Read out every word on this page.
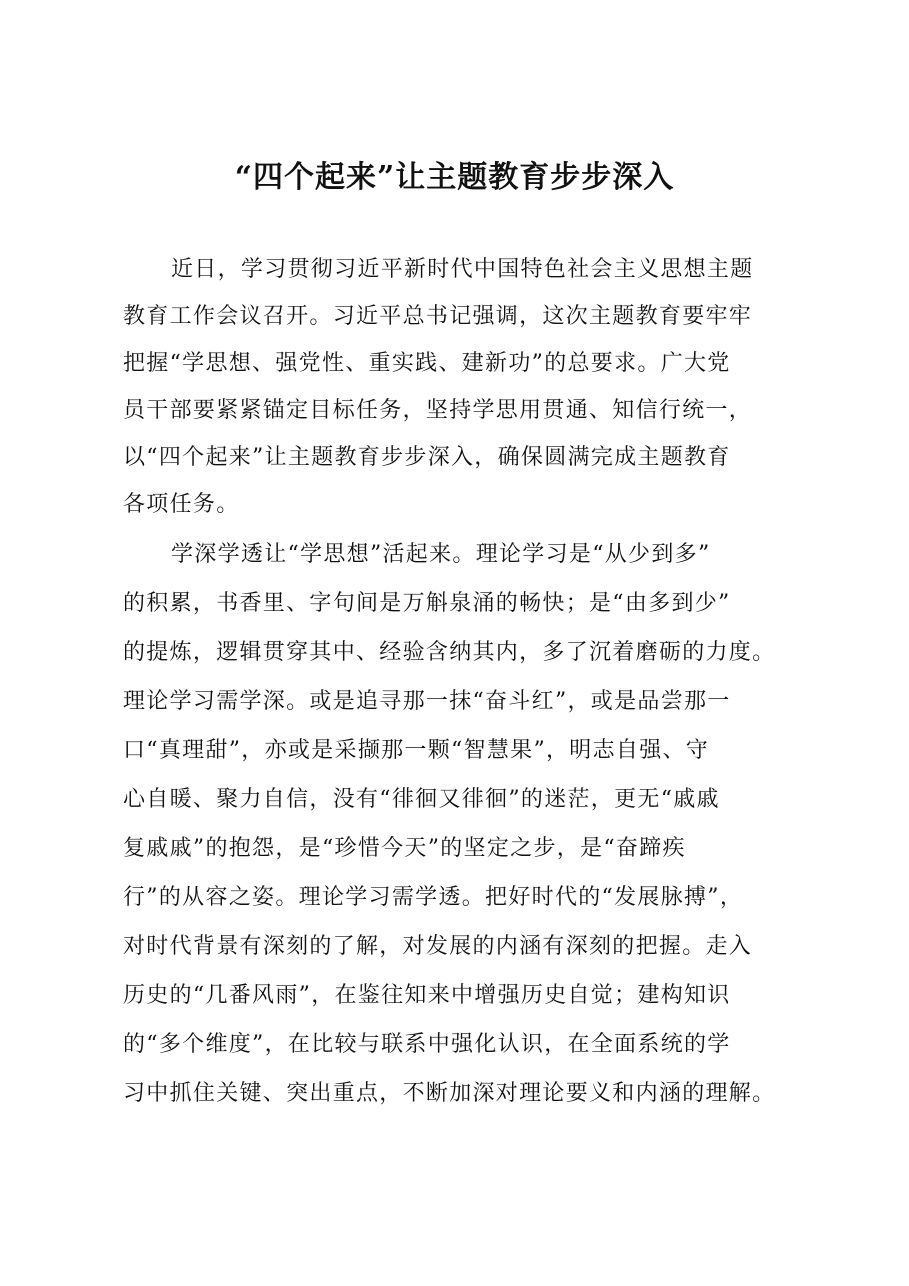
“四个起来”让主题教育步步深入
近日，学习贯彻习近平新时代中国特色社会主义思想主题
教育工作会议召开。习近平总书记强调，这次主题教育要牢牢
把握“学思想、强党性、重实践、建新功”的总要求。广大党
员干部要紧紧锚定目标任务，坚持学思用贯通、知信行统一，
以“四个起来”让主题教育步步深入，确保圆满完成主题教育
各项任务。
学深学透让“学思想”活起来。理论学习是“从少到多”
的积累，书香里、字句间是万斛泉涌的畅快；是“由多到少”
的提炼，逻辑贯穿其中、经验含纳其内，多了沉着磨砺的力度。
理论学习需学深。或是追寻那一抹“奋斗红”，或是品尝那一
口“真理甜”，亦或是采撷那一颗“智慧果”，明志自强、守
心自暖、聚力自信，没有“徘徊又徘徊”的迷茫，更无“戚戚
复戚戚”的抱怨，是“珍惜今天”的坚定之步，是“奋蹄疾
行”的从容之姿。理论学习需学透。把好时代的“发展脉搏”，
对时代背景有深刻的了解，对发展的内涵有深刻的把握。走入
历史的“几番风雨”，在鉴往知来中增强历史自觉；建构知识
的“多个维度”，在比较与联系中强化认识，在全面系统的学
习中抓住关键、突出重点，不断加深对理论要义和内涵的理解。
